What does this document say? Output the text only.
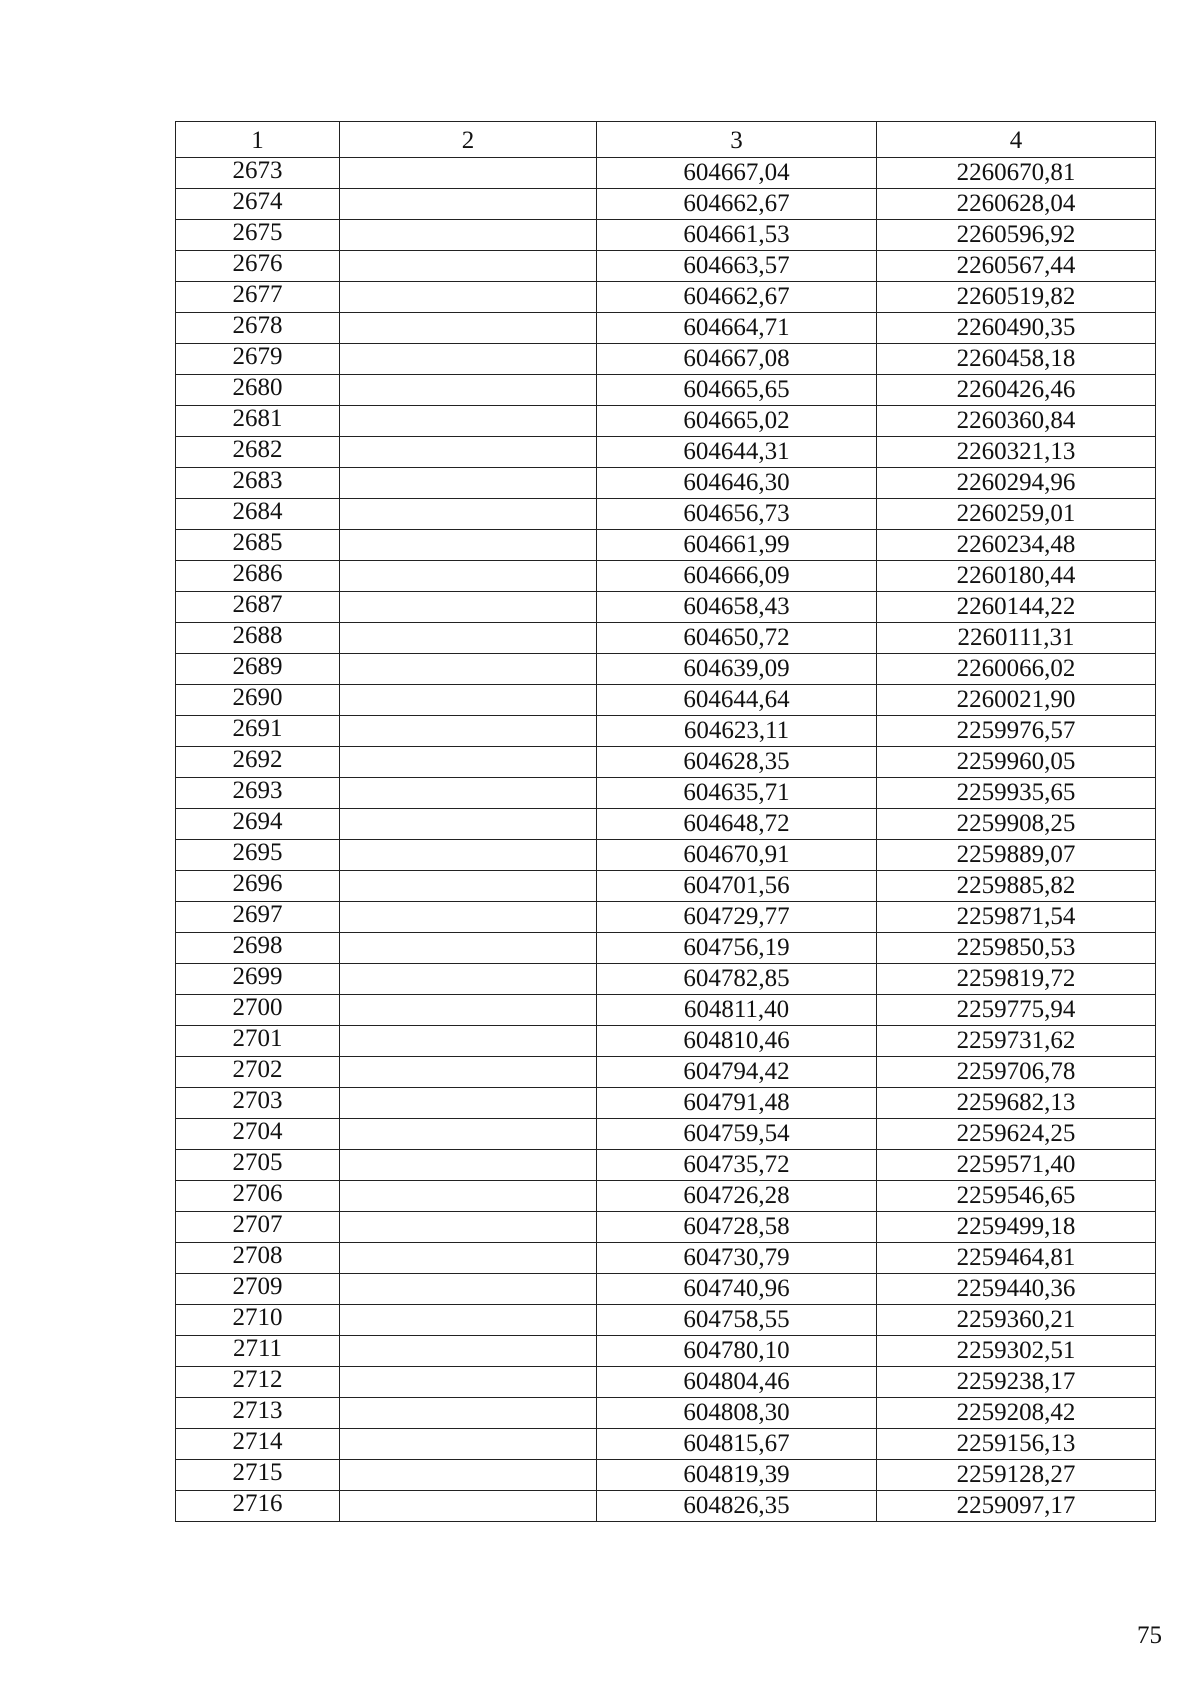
1	2	3	4
2673		604667,04	2260670,81
2674		604662,67	2260628,04
2675		604661,53	2260596,92
2676		604663,57	2260567,44
2677		604662,67	2260519,82
2678		604664,71	2260490,35
2679		604667,08	2260458,18
2680		604665,65	2260426,46
2681		604665,02	2260360,84
2682		604644,31	2260321,13
2683		604646,30	2260294,96
2684		604656,73	2260259,01
2685		604661,99	2260234,48
2686		604666,09	2260180,44
2687		604658,43	2260144,22
2688		604650,72	2260111,31
2689		604639,09	2260066,02
2690		604644,64	2260021,90
2691		604623,11	2259976,57
2692		604628,35	2259960,05
2693		604635,71	2259935,65
2694		604648,72	2259908,25
2695		604670,91	2259889,07
2696		604701,56	2259885,82
2697		604729,77	2259871,54
2698		604756,19	2259850,53
2699		604782,85	2259819,72
2700		604811,40	2259775,94
2701		604810,46	2259731,62
2702		604794,42	2259706,78
2703		604791,48	2259682,13
2704		604759,54	2259624,25
2705		604735,72	2259571,40
2706		604726,28	2259546,65
2707		604728,58	2259499,18
2708		604730,79	2259464,81
2709		604740,96	2259440,36
2710		604758,55	2259360,21
2711		604780,10	2259302,51
2712		604804,46	2259238,17
2713		604808,30	2259208,42
2714		604815,67	2259156,13
2715		604819,39	2259128,27
2716		604826,35	2259097,17
75
